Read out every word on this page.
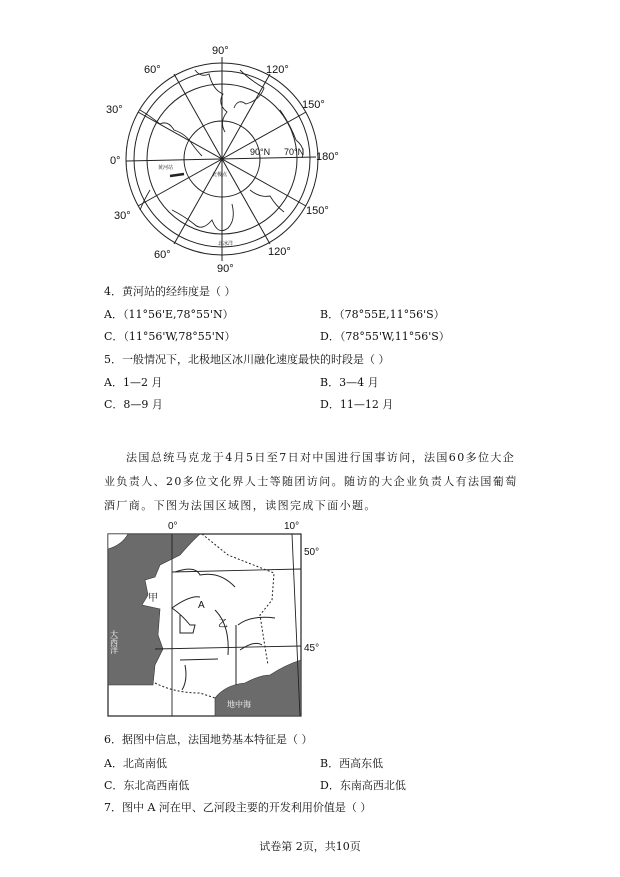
90°
60°	120°
30°	150°
0°	180°
30°	150°
60°	120°
90°
90°N 70°N
黄河站
北极点
北冰洋
4．黄河站的经纬度是（ ）
A．（11°56'E,78°55'N）	B．（78°55E,11°56'S）
C．（11°56'W,78°55'N）	D．（78°55'W,11°56'S）
5．一般情况下，北极地区冰川融化速度最快的时段是（ ）
A．1—2 月	B．3—4 月
C．8—9 月	D．11—12 月
法国总统马克龙于4月5日至7日对中国进行国事访问，法国60多位大企业负责人、20多位文化界人士等随团访问。随访的大企业负责人有法国葡萄酒厂商。下图为法国区域图，读图完成下面小题。
0°	10°
50°
45°
甲
A
乙
大西洋
地中海
6．据图中信息，法国地势基本特征是（ ）
A．北高南低	B．西高东低
C．东北高西南低	D．东南高西北低
7．图中 A 河在甲、乙河段主要的开发利用价值是（ ）
试卷第 2页，共10页
